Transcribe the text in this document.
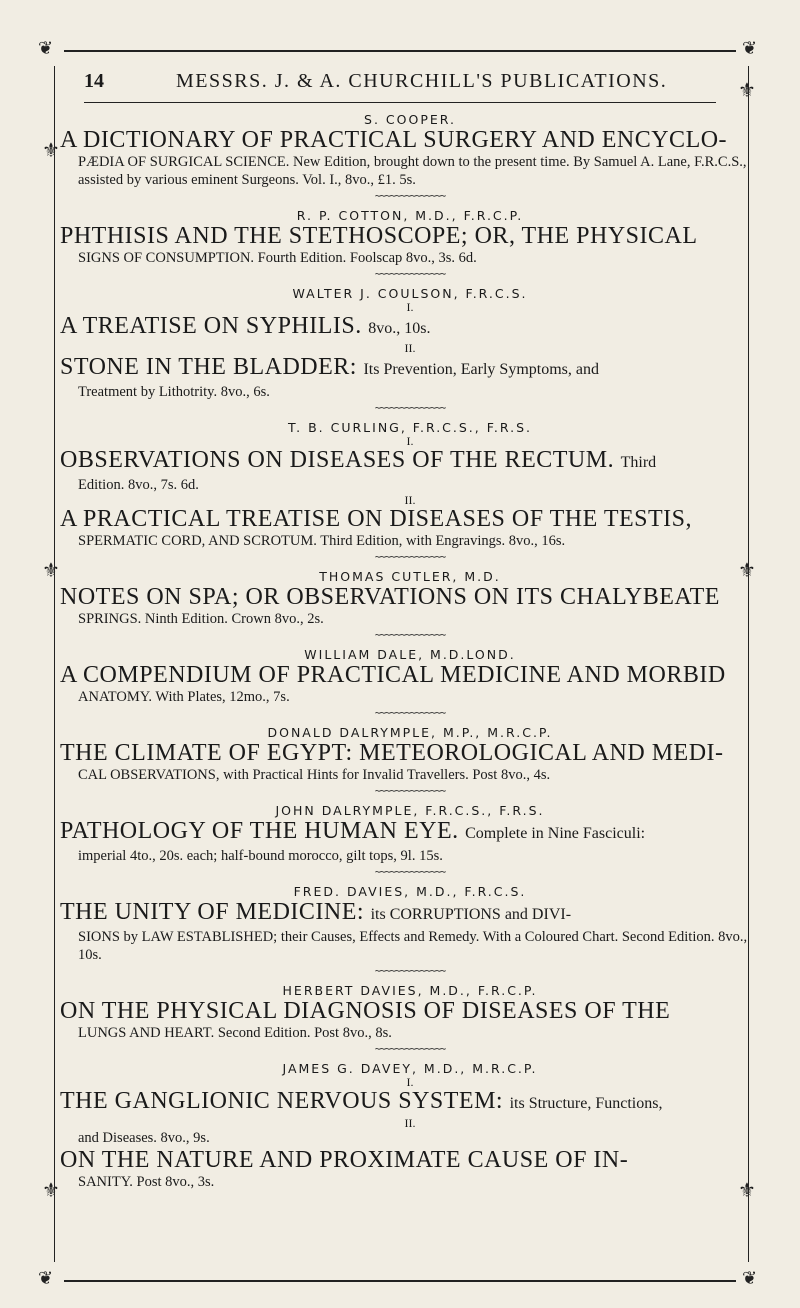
❦	❦
⚜
⚜
⚜
⚜
⚜
⚜
❦	❦
14	MESSRS. J. & A. CHURCHILL'S PUBLICATIONS.

S. COOPER.

A DICTIONARY OF PRACTICAL SURGERY AND ENCYCLO-

PÆDIA OF SURGICAL SCIENCE. New Edition, brought down to the present time. By Samuel A. Lane, F.R.C.S., assisted by various eminent Surgeons. Vol. I., 8vo., £1. 5s.

∼∼∼∼∼∼∼∼∼∼∼∼∼∼

R. P. COTTON, M.D., F.R.C.P.

PHTHISIS AND THE STETHOSCOPE; OR, THE PHYSICAL

SIGNS OF CONSUMPTION. Fourth Edition. Foolscap 8vo., 3s. 6d.

∼∼∼∼∼∼∼∼∼∼∼∼∼∼

WALTER J. COULSON, F.R.C.S.

I.

A TREATISE ON SYPHILIS. 8vo., 10s.

II.

STONE IN THE BLADDER: Its Prevention, Early Symptoms, and

Treatment by Lithotrity. 8vo., 6s.

∼∼∼∼∼∼∼∼∼∼∼∼∼∼

T. B. CURLING, F.R.C.S., F.R.S.

I.

OBSERVATIONS ON DISEASES OF THE RECTUM. Third

Edition. 8vo., 7s. 6d.

II.

A PRACTICAL TREATISE ON DISEASES OF THE TESTIS,

SPERMATIC CORD, AND SCROTUM. Third Edition, with Engravings. 8vo., 16s.

∼∼∼∼∼∼∼∼∼∼∼∼∼∼

THOMAS CUTLER, M.D.

NOTES ON SPA; OR OBSERVATIONS ON ITS CHALYBEATE

SPRINGS. Ninth Edition. Crown 8vo., 2s.

∼∼∼∼∼∼∼∼∼∼∼∼∼∼

WILLIAM DALE, M.D.LOND.

A COMPENDIUM OF PRACTICAL MEDICINE AND MORBID

ANATOMY. With Plates, 12mo., 7s.

∼∼∼∼∼∼∼∼∼∼∼∼∼∼

DONALD DALRYMPLE, M.P., M.R.C.P.

THE CLIMATE OF EGYPT: METEOROLOGICAL AND MEDI-

CAL OBSERVATIONS, with Practical Hints for Invalid Travellers. Post 8vo., 4s.

∼∼∼∼∼∼∼∼∼∼∼∼∼∼

JOHN DALRYMPLE, F.R.C.S., F.R.S.

PATHOLOGY OF THE HUMAN EYE. Complete in Nine Fasciculi:

imperial 4to., 20s. each; half-bound morocco, gilt tops, 9l. 15s.

∼∼∼∼∼∼∼∼∼∼∼∼∼∼

FRED. DAVIES, M.D., F.R.C.S.

THE UNITY OF MEDICINE: its CORRUPTIONS and DIVI-

SIONS by LAW ESTABLISHED; their Causes, Effects and Remedy. With a Coloured Chart. Second Edition. 8vo., 10s.

∼∼∼∼∼∼∼∼∼∼∼∼∼∼

HERBERT DAVIES, M.D., F.R.C.P.

ON THE PHYSICAL DIAGNOSIS OF DISEASES OF THE

LUNGS AND HEART. Second Edition. Post 8vo., 8s.

∼∼∼∼∼∼∼∼∼∼∼∼∼∼

JAMES G. DAVEY, M.D., M.R.C.P.

I.

THE GANGLIONIC NERVOUS SYSTEM: its Structure, Functions,

II.

and Diseases. 8vo., 9s.

ON THE NATURE AND PROXIMATE CAUSE OF IN-

SANITY. Post 8vo., 3s.
